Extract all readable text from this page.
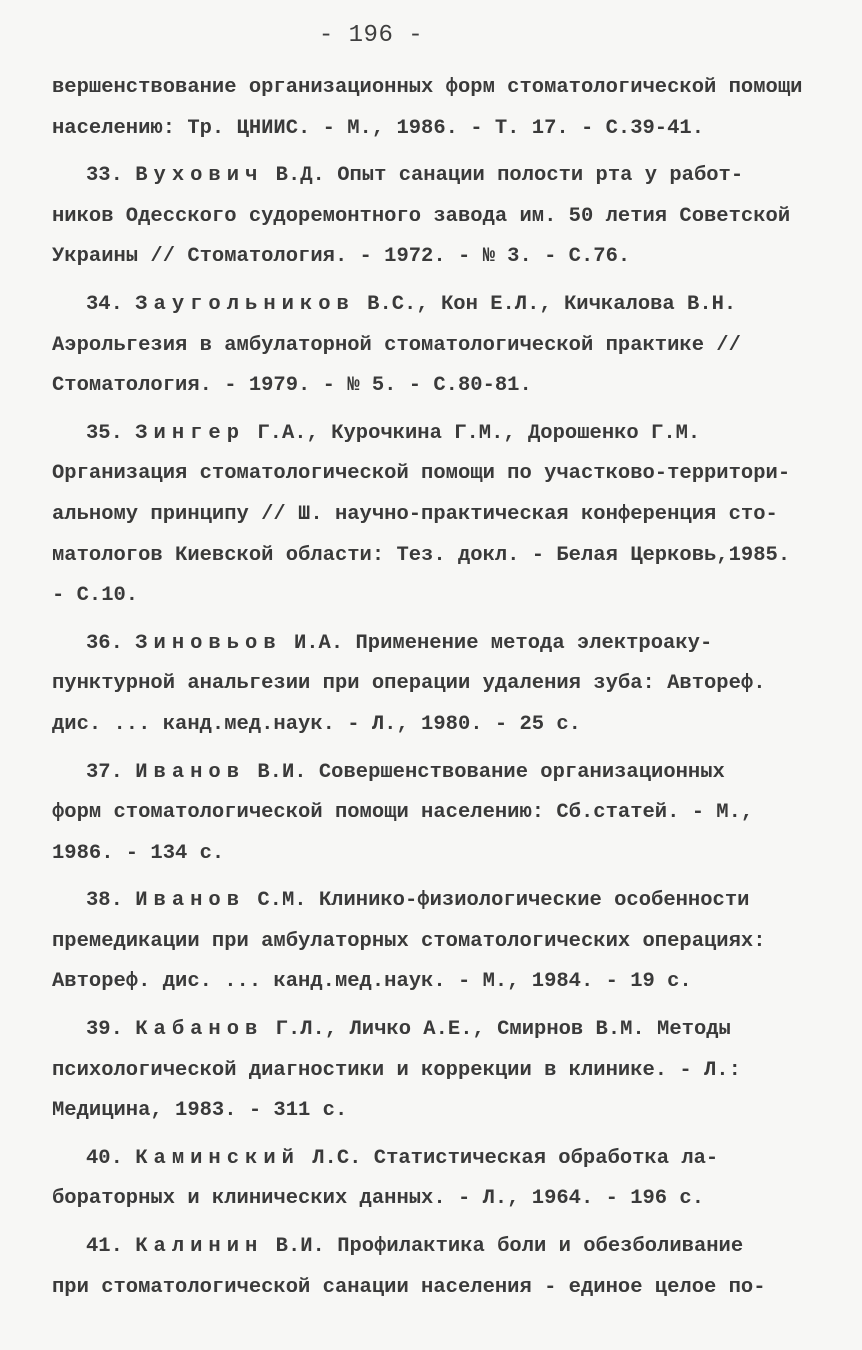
- 196 -
вершенствование организационных форм стоматологической помощи
населению: Тр. ЦНИИС. - М., 1986. - Т. 17. - С.39-41.
33. Вухович В.Д. Опыт санации полости рта у работ-
ников Одесского судоремонтного завода им. 50 летия Советской
Украины // Стоматология. - 1972. - № 3. - С.76.
34. Заугольников В.С., Кон Е.Л., Кичкалова В.Н.
Аэрольгезия в амбулаторной стоматологической практике //
Стоматология. - 1979. - № 5. - С.80-81.
35. Зингер Г.А., Курочкина Г.М., Дорошенко Г.М.
Организация стоматологической помощи по участково-территори-
альному принципу // Ш. научно-практическая конференция сто-
матологов Киевской области: Тез. докл. - Белая Церковь,1985.
- С.10.
36. Зиновьов И.А. Применение метода электроаку-
пунктурной анальгезии при операции удаления зуба: Автореф.
дис. ... канд.мед.наук. - Л., 1980. - 25 с.
37. Иванов В.И. Совершенствование организационных
форм стоматологической помощи населению: Сб.статей. - М.,
1986. - 134 с.
38. Иванов С.М. Клинико-физиологические особенности
премедикации при амбулаторных стоматологических операциях:
Автореф. дис. ... канд.мед.наук. - М., 1984. - 19 с.
39. Кабанов Г.Л., Личко А.Е., Смирнов В.М. Методы
психологической диагностики и коррекции в клинике. - Л.:
Медицина, 1983. - 311 с.
40. Каминский Л.С. Статистическая обработка ла-
бораторных и клинических данных. - Л., 1964. - 196 с.
41. Калинин В.И. Профилактика боли и обезболивание
при стоматологической санации населения - единое целое по-
